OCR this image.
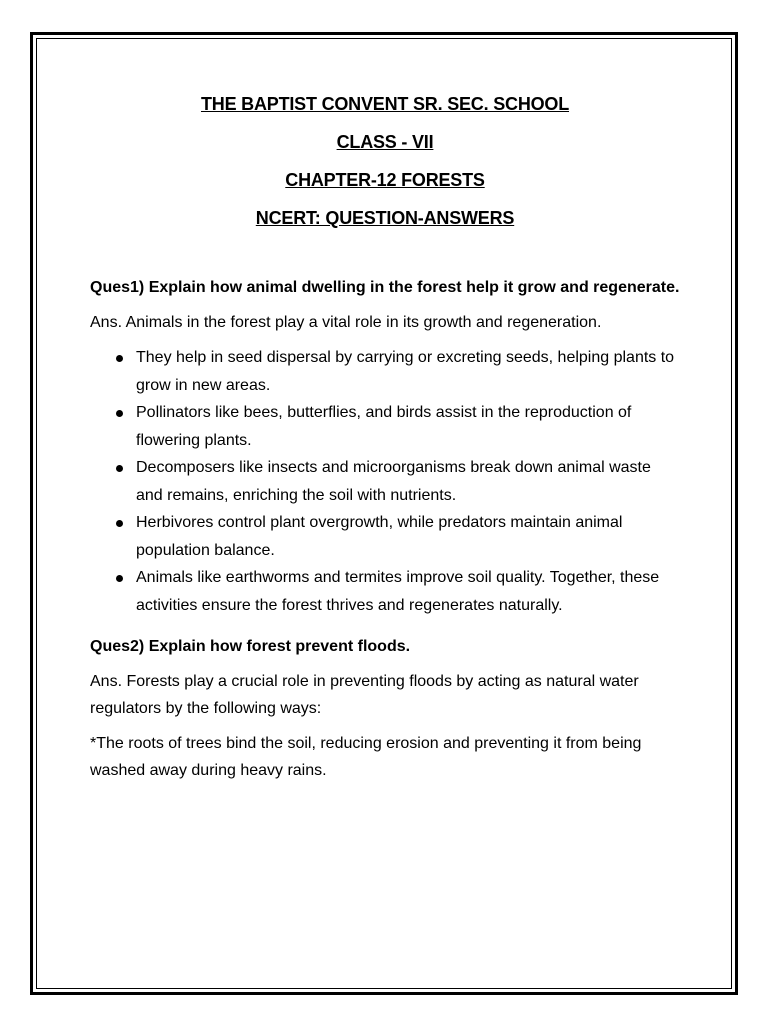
THE BAPTIST CONVENT SR. SEC. SCHOOL

CLASS - VII

CHAPTER-12 FORESTS

NCERT: QUESTION-ANSWERS

Ques1) Explain how animal dwelling in the forest help it grow and regenerate.

Ans. Animals in the forest play a vital role in its growth and regeneration.

They help in seed dispersal by carrying or excreting seeds, helping plants to grow in new areas.
Pollinators like bees, butterflies, and birds assist in the reproduction of flowering plants.
Decomposers like insects and microorganisms break down animal waste and remains, enriching the soil with nutrients.
Herbivores control plant overgrowth, while predators maintain animal population balance.
Animals like earthworms and termites improve soil quality. Together, these activities ensure the forest thrives and regenerates naturally.

Ques2) Explain how forest prevent floods.

Ans. Forests play a crucial role in preventing floods by acting as natural water regulators by the following ways:

*The roots of trees bind the soil, reducing erosion and preventing it from being washed away during heavy rains.
